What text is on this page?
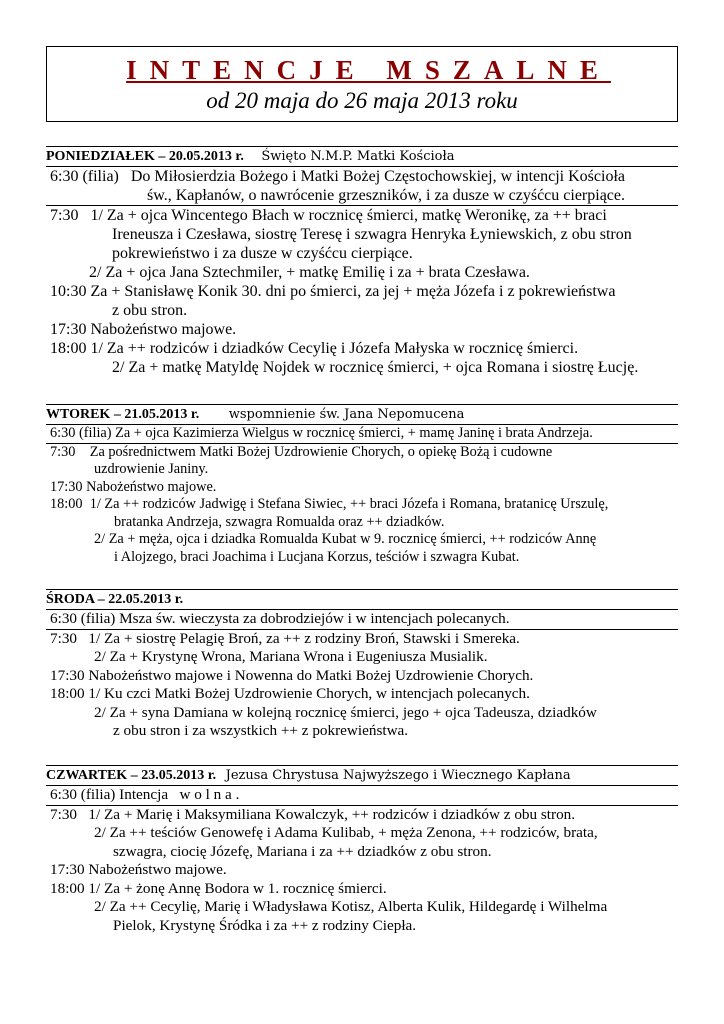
INTENCJE MSZALNE
od 20 maja do 26 maja 2013 roku
PONIEDZIAŁEK – 20.05.2013 r. Święto N.M.P. Matki Kościoła
6:30 (filia)   Do Miłosierdzia Bożego i Matki Bożej Częstochowskiej, w intencji Kościoła
św., Kapłanów, o nawrócenie grzeszników, i za dusze w czyśćcu cierpiące.
7:30   1/ Za + ojca Wincentego Błach w rocznicę śmierci, matkę Weronikę, za ++ braci
Ireneusza i Czesława, siostrę Teresę i szwagra Henryka Łyniewskich, z obu stron
pokrewieństwo i za dusze w czyśćcu cierpiące.
2/ Za + ojca Jana Sztechmiler, + matkę Emilię i za + brata Czesława.
10:30 Za + Stanisławę Konik 30. dni po śmierci, za jej + męża Józefa i z pokrewieństwa
z obu stron.
17:30 Nabożeństwo majowe.
18:00 1/ Za ++ rodziców i dziadków Cecylię i Józefa Małyska w rocznicę śmierci.
2/ Za + matkę Matyldę Nojdek w rocznicę śmierci, + ojca Romana i siostrę Łucję.
WTOREK – 21.05.2013 r. wspomnienie św. Jana Nepomucena
6:30 (filia) Za + ojca Kazimierza Wielgus w rocznicę śmierci, + mamę Janinę i brata Andrzeja.
7:30    Za pośrednictwem Matki Bożej Uzdrowienie Chorych, o opiekę Bożą i cudowne
uzdrowienie Janiny.
17:30 Nabożeństwo majowe.
18:00  1/ Za ++ rodziców Jadwigę i Stefana Siwiec, ++ braci Józefa i Romana, bratanicę Urszulę,
bratanka Andrzeja, szwagra Romualda oraz ++ dziadków.
2/ Za + męża, ojca i dziadka Romualda Kubat w 9. rocznicę śmierci, ++ rodziców Annę
i Alojzego, braci Joachima i Lucjana Korzus, teściów i szwagra Kubat.
ŚRODA – 22.05.2013 r.
6:30 (filia) Msza św. wieczysta za dobrodziejów i w intencjach polecanych.
7:30   1/ Za + siostrę Pelagię Broń, za ++ z rodziny Broń, Stawski i Smereka.
2/ Za + Krystynę Wrona, Mariana Wrona i Eugeniusza Musialik.
17:30 Nabożeństwo majowe i Nowenna do Matki Bożej Uzdrowienie Chorych.
18:00 1/ Ku czci Matki Bożej Uzdrowienie Chorych, w intencjach polecanych.
2/ Za + syna Damiana w kolejną rocznicę śmierci, jego + ojca Tadeusza, dziadków
z obu stron i za wszystkich ++ z pokrewieństwa.
CZWARTEK – 23.05.2013 r. Jezusa Chrystusa Najwyższego i Wiecznego Kapłana
6:30 (filia) Intencja   w o l n a .
7:30   1/ Za + Marię i Maksymiliana Kowalczyk, ++ rodziców i dziadków z obu stron.
2/ Za ++ teściów Genowefę i Adama Kulibab, + męża Zenona, ++ rodziców, brata,
szwagra, ciocię Józefę, Mariana i za ++ dziadków z obu stron.
17:30 Nabożeństwo majowe.
18:00 1/ Za + żonę Annę Bodora w 1. rocznicę śmierci.
2/ Za ++ Cecylię, Marię i Władysława Kotisz, Alberta Kulik, Hildegardę i Wilhelma
Pielok, Krystynę Śródka i za ++ z rodziny Ciepła.
